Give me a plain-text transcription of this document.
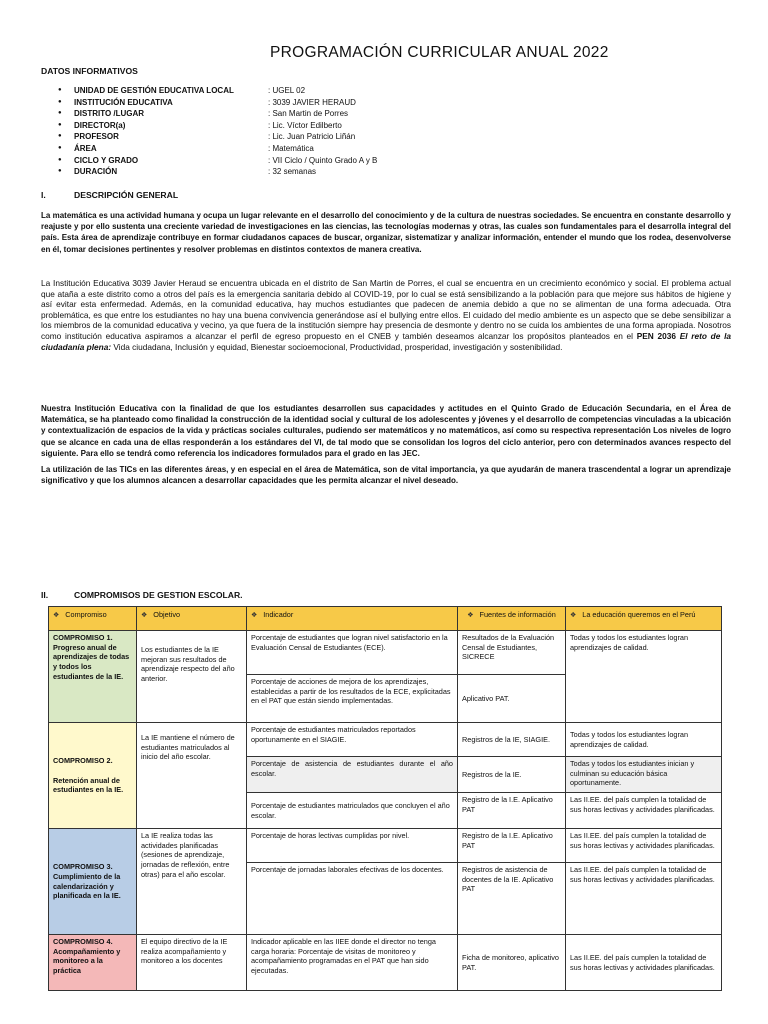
PROGRAMACIÓN CURRICULAR ANUAL 2022
DATOS INFORMATIVOS
●	UNIDAD DE GESTIÓN EDUCATIVA LOCAL	: UGEL 02
●	INSTITUCIÓN EDUCATIVA	: 3039 JAVIER HERAUD
●	DISTRITO /LUGAR	: San Martin de Porres
●	DIRECTOR(a)	: Lic. Víctor Edilberto
●	PROFESOR	: Lic. Juan Patricio Liñán
●	ÁREA	: Matemática
●	CICLO Y GRADO	: VII Ciclo / Quinto Grado A y B
●	DURACIÓN	: 32 semanas
I.	DESCRIPCIÓN GENERAL
La matemática es una actividad humana y ocupa un lugar relevante en el desarrollo del conocimiento y de la cultura de nuestras sociedades. Se encuentra en constante desarrollo y reajuste y por ello sustenta una creciente variedad de investigaciones en las ciencias, las tecnologías modernas y otras, las cuales son fundamentales para el desarrolla integral del país. Esta área de aprendizaje contribuye en formar ciudadanos capaces de buscar, organizar, sistematizar y analizar información, entender el mundo que los rodea, desenvolverse en él, tomar decisiones pertinentes y resolver problemas en distintos contextos de manera creativa.
La Institución Educativa 3039 Javier Heraud se encuentra ubicada en el distrito de San Martin de Porres, el cual se encuentra en un crecimiento económico y social. El problema actual que ataña a este distrito como a otros del país es la emergencia sanitaria debido al COVID-19, por lo cual se está sensibilizando a la población para que mejore sus hábitos de higiene y así evitar esta enfermedad. Además, en la comunidad educativa, hay muchos estudiantes que padecen de anemia debido a que no se alimentan de una forma adecuada. Otra problemática, es que entre los estudiantes no hay una buena convivencia generándose así el bullying entre ellos. El cuidado del medio ambiente es un aspecto que se debe sensibilizar a los miembros de la comunidad educativa y vecino, ya que fuera de la institución siempre hay presencia de desmonte y dentro no se cuida los ambientes de una forma apropiada. Nosotros como institución educativa aspiramos a alcanzar el perfil de egreso propuesto en el CNEB y también deseamos alcanzar los propósitos planteados en el PEN 2036 El reto de la ciudadanía plena: Vida ciudadana, Inclusión y equidad, Bienestar socioemocional, Productividad, prosperidad, investigación y sostenibilidad.
Nuestra Institución Educativa con la finalidad de que los estudiantes desarrollen sus capacidades y actitudes en el Quinto Grado de Educación Secundaria, en el Área de Matemática, se ha planteado como finalidad la construcción de la identidad social y cultural de los adolescentes y jóvenes y el desarrollo de competencias vinculadas a la ubicación y contextualización de espacios de la vida y prácticas sociales culturales, pudiendo ser matemáticos y no matemáticos, así como su respectiva representación Los niveles de logro que se alcance en cada una de ellas responderán a los estándares del VI, de tal modo que se consolidan los logros del ciclo anterior, pero con determinados avances respecto del siguiente. Para ello se tendrá como referencia los indicadores formulados para el grado en las JEC.
La utilización de las TICs en las diferentes áreas, y en especial en el área de Matemática, son de vital importancia, ya que ayudarán de manera trascendental a lograr un aprendizaje significativo y que los alumnos alcancen a desarrollar capacidades que les permita alcanzar el nivel deseado.
II.	COMPROMISOS DE GESTION ESCOLAR.
❖ Compromiso	❖ Objetivo	❖ Indicador	❖ Fuentes de información	❖ La educación queremos en el Perú
COMPROMISO 1. Progreso anual de aprendizajes de todas y todos los estudiantes de la IE.	Los estudiantes de la IE mejoran sus resultados de aprendizaje respecto del año anterior.	Porcentaje de estudiantes que logran nivel satisfactorio en la Evaluación Censal de Estudiantes (ECE).	Resultados de la Evaluación Censal de Estudiantes, SICRECE	Todas y todos los estudiantes logran aprendizajes de calidad.
		Porcentaje de acciones de mejora de los aprendizajes, establecidas a partir de los resultados de la ECE, explicitadas en el PAT que están siendo implementadas.	Aplicativo PAT.	
COMPROMISO 2.

Retención anual de estudiantes en la IE.	La IE mantiene el número de estudiantes matriculados al inicio del año escolar.	Porcentaje de estudiantes matriculados reportados oportunamente en el SIAGIE.	Registros de la IE, SIAGIE.	Todas y todos los estudiantes logran aprendizajes de calidad.
		Porcentaje de asistencia de estudiantes durante el año escolar.	Registros de la IE.	Todas y todos los estudiantes inician y culminan su educación básica oportunamente.
		Porcentaje de estudiantes matriculados que concluyen el año escolar.	Registro de la I.E. Aplicativo PAT	Las II.EE. del país cumplen la totalidad de sus horas lectivas y actividades planificadas.
COMPROMISO 3. Cumplimiento de la calendarización y planificada en la IE.	La IE realiza todas las actividades planificadas (sesiones de aprendizaje, jornadas de reflexión, entre otras) para el año escolar.	Porcentaje de horas lectivas cumplidas por nivel.	Registro de la I.E. Aplicativo PAT	Las II.EE. del país cumplen la totalidad de sus horas lectivas y actividades planificadas.
		Porcentaje de jornadas laborales efectivas de los docentes.	Registros de asistencia de docentes de la IE. Aplicativo PAT	Las II.EE. del país cumplen la totalidad de sus horas lectivas y actividades planificadas.
COMPROMISO 4. Acompañamiento y monitoreo a la práctica	El equipo directivo de la IE realiza acompañamiento y monitoreo a los docentes	Indicador aplicable en las IIEE donde el director no tenga carga horaria: Porcentaje de visitas de monitoreo y acompañamiento programadas en el PAT que han sido ejecutadas.	Ficha de monitoreo, aplicativo PAT.	Las II.EE. del país cumplen la totalidad de sus horas lectivas y actividades planificadas.
